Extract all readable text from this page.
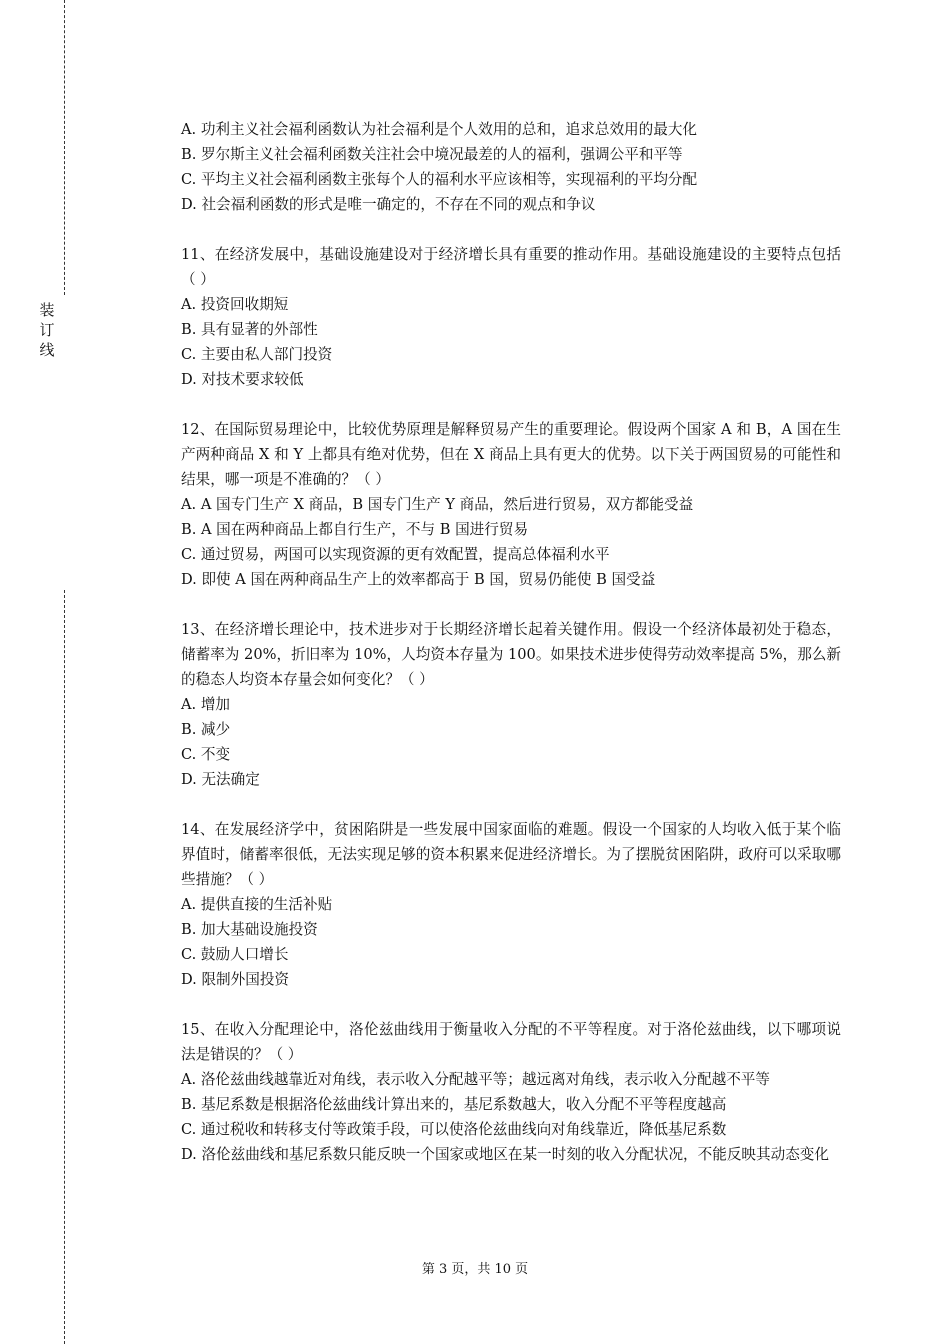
装
订
线
A. 功利主义社会福利函数认为社会福利是个人效用的总和，追求总效用的最大化
B. 罗尔斯主义社会福利函数关注社会中境况最差的人的福利，强调公平和平等
C. 平均主义社会福利函数主张每个人的福利水平应该相等，实现福利的平均分配
D. 社会福利函数的形式是唯一确定的，不存在不同的观点和争议
11、在经济发展中，基础设施建设对于经济增长具有重要的推动作用。基础设施建设的主要特点包括（ ）
A. 投资回收期短
B. 具有显著的外部性
C. 主要由私人部门投资
D. 对技术要求较低
12、在国际贸易理论中，比较优势原理是解释贸易产生的重要理论。假设两个国家 A 和 B，A 国在生产两种商品 X 和 Y 上都具有绝对优势，但在 X 商品上具有更大的优势。以下关于两国贸易的可能性和结果，哪一项是不准确的？（ ）
A. A 国专门生产 X 商品，B 国专门生产 Y 商品，然后进行贸易，双方都能受益
B. A 国在两种商品上都自行生产，不与 B 国进行贸易
C. 通过贸易，两国可以实现资源的更有效配置，提高总体福利水平
D. 即使 A 国在两种商品生产上的效率都高于 B 国，贸易仍能使 B 国受益
13、在经济增长理论中，技术进步对于长期经济增长起着关键作用。假设一个经济体最初处于稳态，储蓄率为 20%，折旧率为 10%，人均资本存量为 100。如果技术进步使得劳动效率提高 5%，那么新的稳态人均资本存量会如何变化？（ ）
A. 增加
B. 减少
C. 不变
D. 无法确定
14、在发展经济学中，贫困陷阱是一些发展中国家面临的难题。假设一个国家的人均收入低于某个临界值时，储蓄率很低，无法实现足够的资本积累来促进经济增长。为了摆脱贫困陷阱，政府可以采取哪些措施？（ ）
A. 提供直接的生活补贴
B. 加大基础设施投资
C. 鼓励人口增长
D. 限制外国投资
15、在收入分配理论中，洛伦兹曲线用于衡量收入分配的不平等程度。对于洛伦兹曲线，以下哪项说法是错误的？（ ）
A. 洛伦兹曲线越靠近对角线，表示收入分配越平等；越远离对角线，表示收入分配越不平等
B. 基尼系数是根据洛伦兹曲线计算出来的，基尼系数越大，收入分配不平等程度越高
C. 通过税收和转移支付等政策手段，可以使洛伦兹曲线向对角线靠近，降低基尼系数
D. 洛伦兹曲线和基尼系数只能反映一个国家或地区在某一时刻的收入分配状况，不能反映其动态变化
第 3 页，共 10 页
